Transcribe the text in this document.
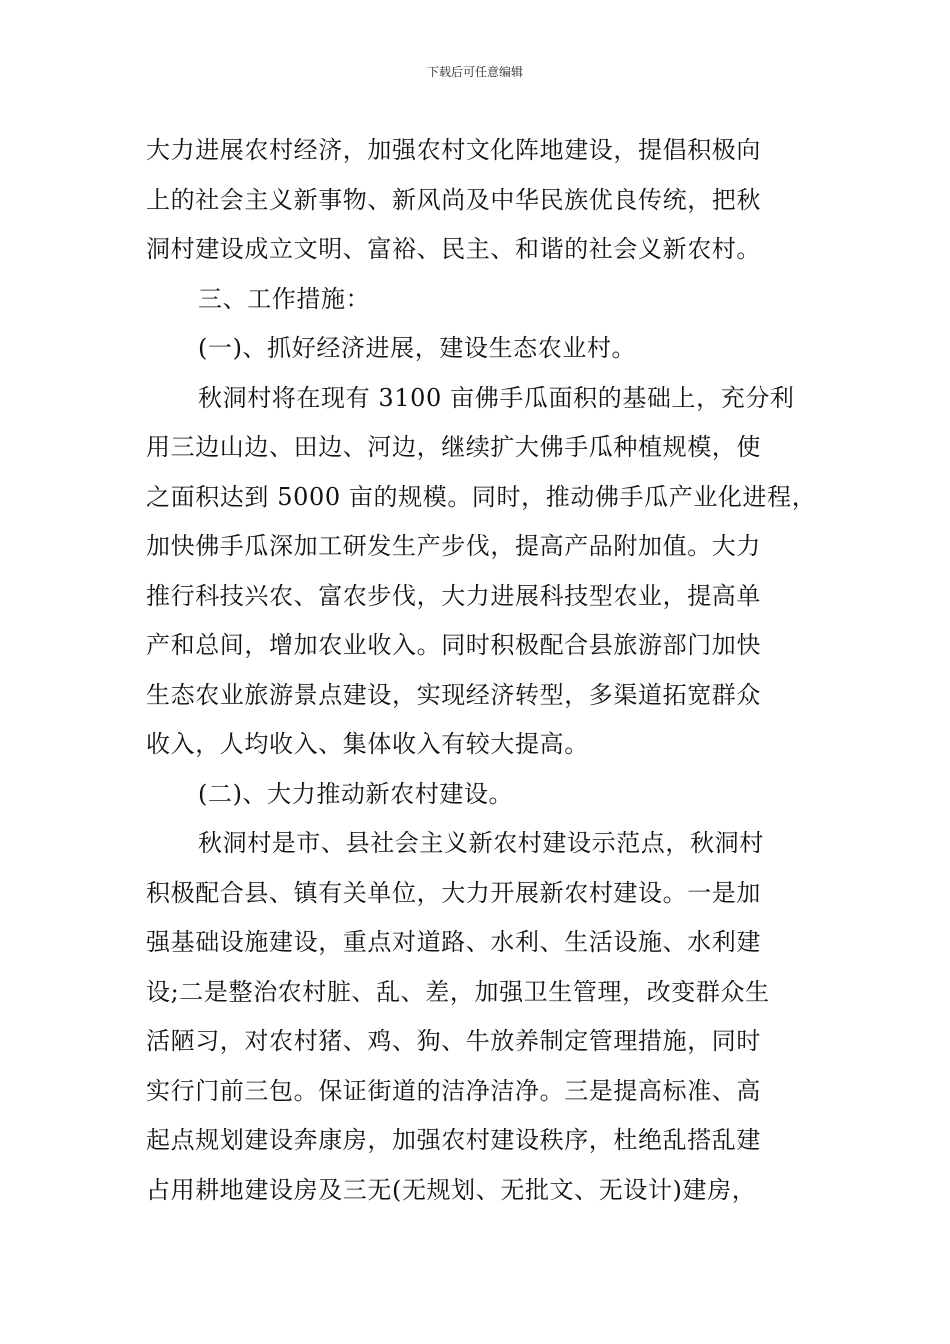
下载后可任意编辑
大力进展农村经济，加强农村文化阵地建设，提倡积极向
上的社会主义新事物、新风尚及中华民族优良传统，把秋
洞村建设成立文明、富裕、民主、和谐的社会义新农村。
三、工作措施：
(一)、抓好经济进展，建设生态农业村。
秋洞村将在现有 3100 亩佛手瓜面积的基础上，充分利
用三边山边、田边、河边，继续扩大佛手瓜种植规模，使
之面积达到 5000 亩的规模。同时，推动佛手瓜产业化进程，
加快佛手瓜深加工研发生产步伐，提高产品附加值。大力
推行科技兴农、富农步伐，大力进展科技型农业，提高单
产和总间，增加农业收入。同时积极配合县旅游部门加快
生态农业旅游景点建设，实现经济转型，多渠道拓宽群众
收入，人均收入、集体收入有较大提高。
(二)、大力推动新农村建设。
秋洞村是市、县社会主义新农村建设示范点，秋洞村
积极配合县、镇有关单位，大力开展新农村建设。一是加
强基础设施建设，重点对道路、水利、生活设施、水利建
设;二是整治农村脏、乱、差，加强卫生管理，改变群众生
活陋习，对农村猪、鸡、狗、牛放养制定管理措施，同时
实行门前三包。保证街道的洁净洁净。三是提高标准、高
起点规划建设奔康房，加强农村建设秩序，杜绝乱搭乱建
占用耕地建设房及三无(无规划、无批文、无设计)建房，
